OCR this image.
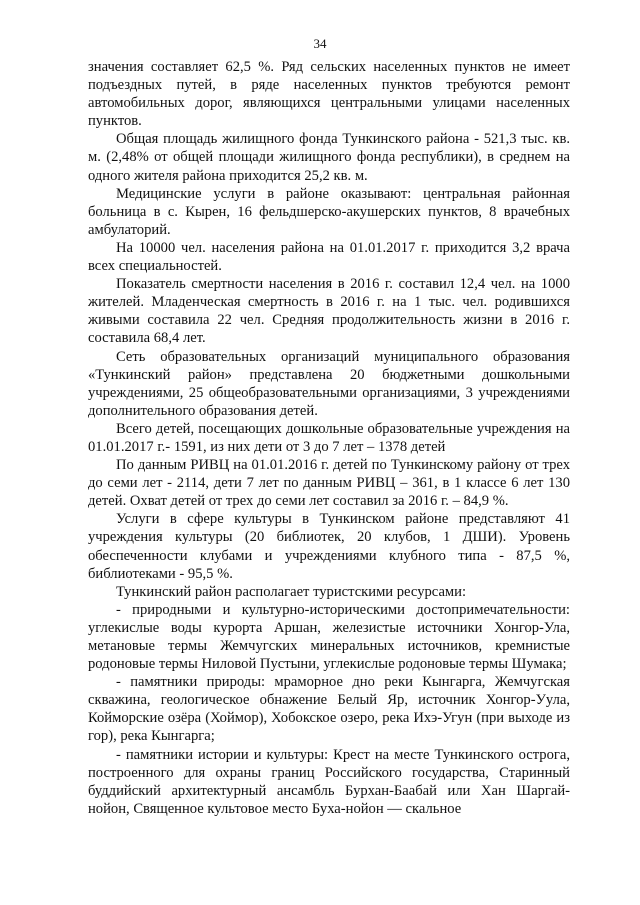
34

значения составляет 62,5 %. Ряд сельских населенных пунктов не имеет подъездных путей, в ряде населенных пунктов требуются ремонт автомобильных дорог, являющихся центральными улицами населенных пунктов.

Общая площадь жилищного фонда Тункинского района - 521,3 тыс. кв. м. (2,48% от общей площади жилищного фонда республики), в среднем на одного жителя района приходится 25,2 кв. м.

Медицинские услуги в районе оказывают: центральная районная больница в с. Кырен, 16 фельдшерско-акушерских пунктов, 8 врачебных амбулаторий.

На 10000 чел. населения района на 01.01.2017 г. приходится 3,2 врача всех специальностей.

Показатель смертности населения в 2016 г. составил 12,4 чел. на 1000 жителей. Младенческая смертность в 2016 г. на 1 тыс. чел. родившихся живыми составила 22 чел. Средняя продолжительность жизни в 2016 г. составила 68,4 лет.

Сеть образовательных организаций муниципального образования «Тункинский район» представлена 20 бюджетными дошкольными учреждениями, 25 общеобразовательными организациями, 3 учреждениями дополнительного образования детей.

Всего детей, посещающих дошкольные образовательные учреждения на 01.01.2017 г.- 1591, из них дети от 3 до 7 лет – 1378 детей

По данным РИВЦ на 01.01.2016 г. детей по Тункинскому району от трех до семи лет - 2114, дети 7 лет по данным РИВЦ – 361, в 1 классе 6 лет 130 детей. Охват детей от трех до семи лет составил за 2016 г. – 84,9 %.

Услуги в сфере культуры в Тункинском районе представляют 41 учреждения культуры (20 библиотек, 20 клубов, 1 ДШИ). Уровень обеспеченности клубами и учреждениями клубного типа - 87,5 %, библиотеками - 95,5 %.

Тункинский район располагает туристскими ресурсами:

- природными и культурно-историческими достопримечательности: углекислые воды курорта Аршан, железистые источники Хонгор-Ула, метановые термы Жемчугских минеральных источников, кремнистые родоновые термы Ниловой Пустыни, углекислые родоновые термы Шумака;

- памятники природы: мраморное дно реки Кынгарга, Жемчугская скважина, геологическое обнажение Белый Яр, источник Хонгор-Уула, Койморские озёра (Хоймор), Хобокское озеро, река Ихэ-Угун (при выходе из гор), река Кынгарга;

- памятники истории и культуры: Крест на месте Тункинского острога, построенного для охраны границ Российского государства, Старинный буддийский архитектурный ансамбль Бурхан-Баабай или Хан Шаргай-нойон, Священное культовое место Буха-нойон — скальное
